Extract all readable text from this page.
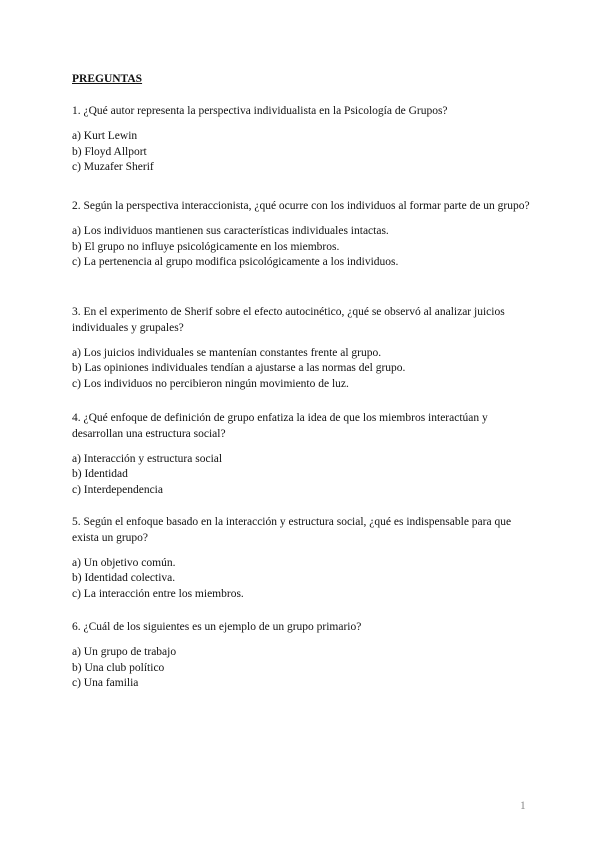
PREGUNTAS

1. ¿Qué autor representa la perspectiva individualista en la Psicología de Grupos?

a) Kurt Lewin

b) Floyd Allport

c) Muzafer Sherif

2. Según la perspectiva interaccionista, ¿qué ocurre con los individuos al formar parte de un grupo?

a) Los individuos mantienen sus características individuales intactas.

b) El grupo no influye psicológicamente en los miembros.

c) La pertenencia al grupo modifica psicológicamente a los individuos.

3. En el experimento de Sherif sobre el efecto autocinético, ¿qué se observó al analizar juicios individuales y grupales?

a) Los juicios individuales se mantenían constantes frente al grupo.

b) Las opiniones individuales tendían a ajustarse a las normas del grupo.

c) Los individuos no percibieron ningún movimiento de luz.

4. ¿Qué enfoque de definición de grupo enfatiza la idea de que los miembros interactúan y desarrollan una estructura social?

a) Interacción y estructura social

b) Identidad

c) Interdependencia

5. Según el enfoque basado en la interacción y estructura social, ¿qué es indispensable para que exista un grupo?

a) Un objetivo común.

b) Identidad colectiva.

c) La interacción entre los miembros.

6. ¿Cuál de los siguientes es un ejemplo de un grupo primario?

a) Un grupo de trabajo

b) Una club político

c) Una familia

1
